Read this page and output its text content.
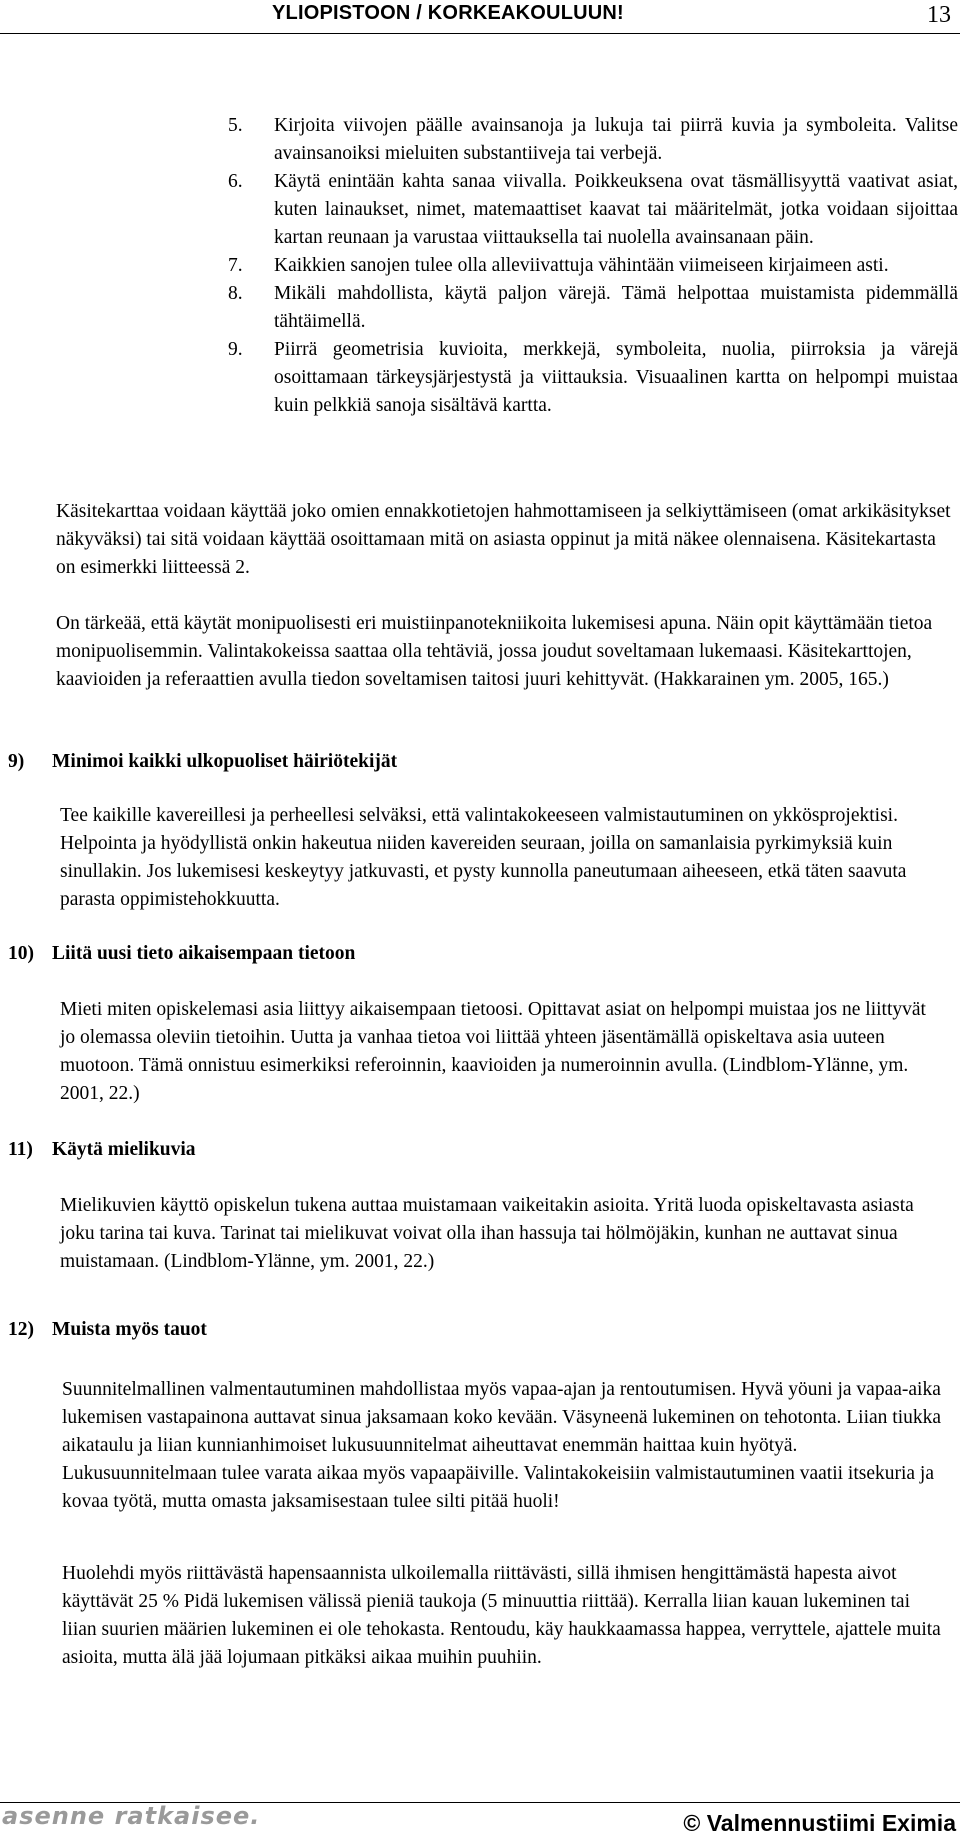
YLIOPISTOON / KORKEAKOULUUN!	13
5. Kirjoita viivojen päälle avainsanoja ja lukuja tai piirrä kuvia ja symboleita. Valitse avainsanoiksi mieluiten substantiiveja tai verbejä.
6. Käytä enintään kahta sanaa viivalla. Poikkeuksena ovat täsmällisyyttä vaativat asiat, kuten lainaukset, nimet, matemaattiset kaavat tai määritelmät, jotka voidaan sijoittaa kartan reunaan ja varustaa viittauksella tai nuolella avainsanaan päin.
7. Kaikkien sanojen tulee olla alleviivattuja vähintään viimeiseen kirjaimeen asti.
8. Mikäli mahdollista, käytä paljon värejä. Tämä helpottaa muistamista pidemmällä tähtäimellä.
9. Piirrä geometrisia kuvioita, merkkejä, symboleita, nuolia, piirroksia ja värejä osoittamaan tärkeysjärjestystä ja viittauksia. Visuaalinen kartta on helpompi muistaa kuin pelkkiä sanoja sisältävä kartta.

Käsitekarttaa voidaan käyttää joko omien ennakkotietojen hahmottamiseen ja selkiyttämiseen (omat arkikäsitykset näkyväksi) tai sitä voidaan käyttää osoittamaan mitä on asiasta oppinut ja mitä näkee olennaisena. Käsitekartasta on esimerkki liitteessä 2.

On tärkeää, että käytät monipuolisesti eri muistiinpanotekniikoita lukemisesi apuna. Näin opit käyttämään tietoa monipuolisemmin. Valintakokeissa saattaa olla tehtäviä, jossa joudut soveltamaan lukemaasi. Käsitekarttojen, kaavioiden ja referaattien avulla tiedon soveltamisen taitosi juuri kehittyvät. (Hakkarainen ym. 2005, 165.)

9) Minimoi kaikki ulkopuoliset häiriötekijät

Tee kaikille kavereillesi ja perheellesi selväksi, että valintakokeeseen valmistautuminen on ykkösprojektisi. Helpointa ja hyödyllistä onkin hakeutua niiden kavereiden seuraan, joilla on samanlaisia pyrkimyksiä kuin sinullakin. Jos lukemisesi keskeytyy jatkuvasti, et pysty kunnolla paneutumaan aiheeseen, etkä täten saavuta parasta oppimistehokkuutta.

10) Liitä uusi tieto aikaisempaan tietoon

Mieti miten opiskelemasi asia liittyy aikaisempaan tietoosi. Opittavat asiat on helpompi muistaa jos ne liittyvät jo olemassa oleviin tietoihin. Uutta ja vanhaa tietoa voi liittää yhteen jäsentämällä opiskeltava asia uuteen muotoon. Tämä onnistuu esimerkiksi referoinnin, kaavioiden ja numeroinnin avulla. (Lindblom-Ylänne, ym. 2001, 22.)

11) Käytä mielikuvia

Mielikuvien käyttö opiskelun tukena auttaa muistamaan vaikeitakin asioita. Yritä luoda opiskeltavasta asiasta joku tarina tai kuva. Tarinat tai mielikuvat voivat olla ihan hassuja tai hölmöjäkin, kunhan ne auttavat sinua muistamaan. (Lindblom-Ylänne, ym. 2001, 22.)

12) Muista myös tauot

Suunnitelmallinen valmentautuminen mahdollistaa myös vapaa-ajan ja rentoutumisen. Hyvä yöuni ja vapaa-aika lukemisen vastapainona auttavat sinua jaksamaan koko kevään. Väsyneenä lukeminen on tehotonta. Liian tiukka aikataulu ja liian kunnianhimoiset lukusuunnitelmat aiheuttavat enemmän haittaa kuin hyötyä. Lukusuunnitelmaan tulee varata aikaa myös vapaapäiville. Valintakokeisiin valmistautuminen vaatii itsekuria ja kovaa työtä, mutta omasta jaksamisestaan tulee silti pitää huoli!

Huolehdi myös riittävästä hapensaannista ulkoilemalla riittävästi, sillä ihmisen hengittämästä hapesta aivot käyttävät 25 % Pidä lukemisen välissä pieniä taukoja (5 minuuttia riittää). Kerralla liian kauan lukeminen tai liian suurien määrien lukeminen ei ole tehokasta. Rentoudu, käy haukkaamassa happea, verryttele, ajattele muita asioita, mutta älä jää lojumaan pitkäksi aikaa muihin puuhiin.

asenne ratkaisee.	© Valmennustiimi Eximia
